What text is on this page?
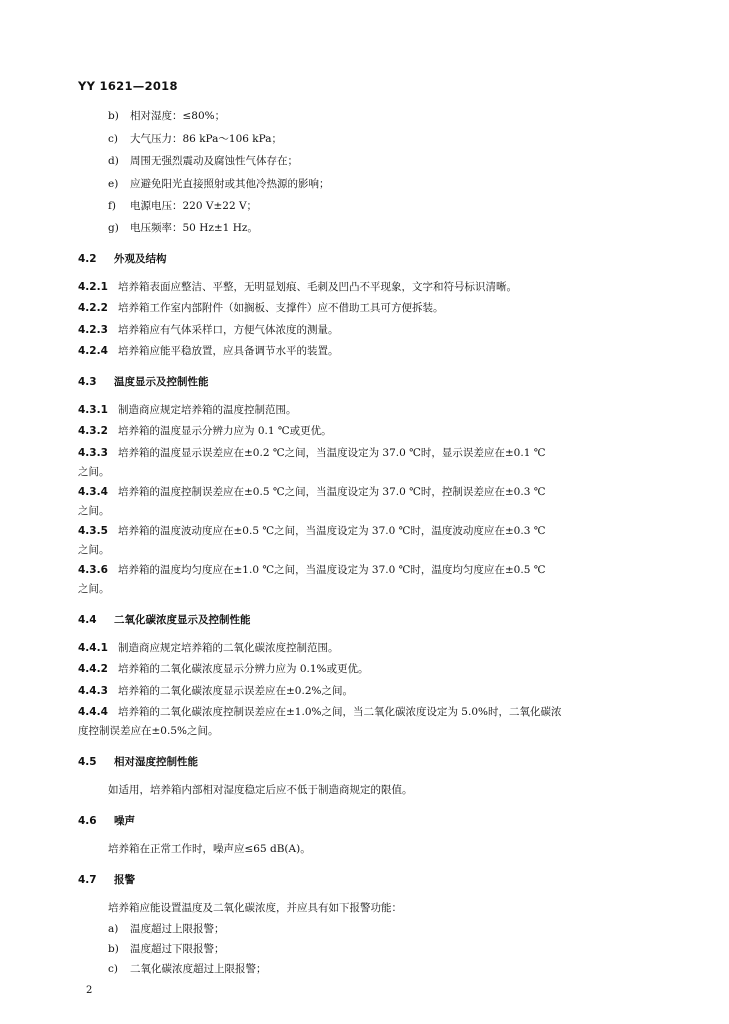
YY 1621—2018
b) 相对湿度：≤80%；
c) 大气压力：86 kPa～106 kPa；
d) 周围无强烈震动及腐蚀性气体存在；
e) 应避免阳光直接照射或其他冷热源的影响；
f) 电源电压：220 V±22 V；
g) 电压频率：50 Hz±1 Hz。
4.2 外观及结构
4.2.1 培养箱表面应整洁、平整，无明显划痕、毛刺及凹凸不平现象，文字和符号标识清晰。
4.2.2 培养箱工作室内部附件（如搁板、支撑件）应不借助工具可方便拆装。
4.2.3 培养箱应有气体采样口，方便气体浓度的测量。
4.2.4 培养箱应能平稳放置，应具备调节水平的装置。
4.3 温度显示及控制性能
4.3.1 制造商应规定培养箱的温度控制范围。
4.3.2 培养箱的温度显示分辨力应为 0.1 ℃或更优。
4.3.3 培养箱的温度显示误差应在±0.2 ℃之间，当温度设定为 37.0 ℃时，显示误差应在±0.1 ℃
之间。
4.3.4 培养箱的温度控制误差应在±0.5 ℃之间，当温度设定为 37.0 ℃时，控制误差应在±0.3 ℃
之间。
4.3.5 培养箱的温度波动度应在±0.5 ℃之间，当温度设定为 37.0 ℃时，温度波动度应在±0.3 ℃
之间。
4.3.6 培养箱的温度均匀度应在±1.0 ℃之间，当温度设定为 37.0 ℃时，温度均匀度应在±0.5 ℃
之间。
4.4 二氧化碳浓度显示及控制性能
4.4.1 制造商应规定培养箱的二氧化碳浓度控制范围。
4.4.2 培养箱的二氧化碳浓度显示分辨力应为 0.1%或更优。
4.4.3 培养箱的二氧化碳浓度显示误差应在±0.2%之间。
4.4.4 培养箱的二氧化碳浓度控制误差应在±1.0%之间，当二氧化碳浓度设定为 5.0%时，二氧化碳浓
度控制误差应在±0.5%之间。
4.5 相对湿度控制性能
如适用，培养箱内部相对湿度稳定后应不低于制造商规定的限值。
4.6 噪声
培养箱在正常工作时，噪声应≤65 dB(A)。
4.7 报警
培养箱应能设置温度及二氧化碳浓度，并应具有如下报警功能：
a) 温度超过上限报警；
b) 温度超过下限报警；
c) 二氧化碳浓度超过上限报警；
2
